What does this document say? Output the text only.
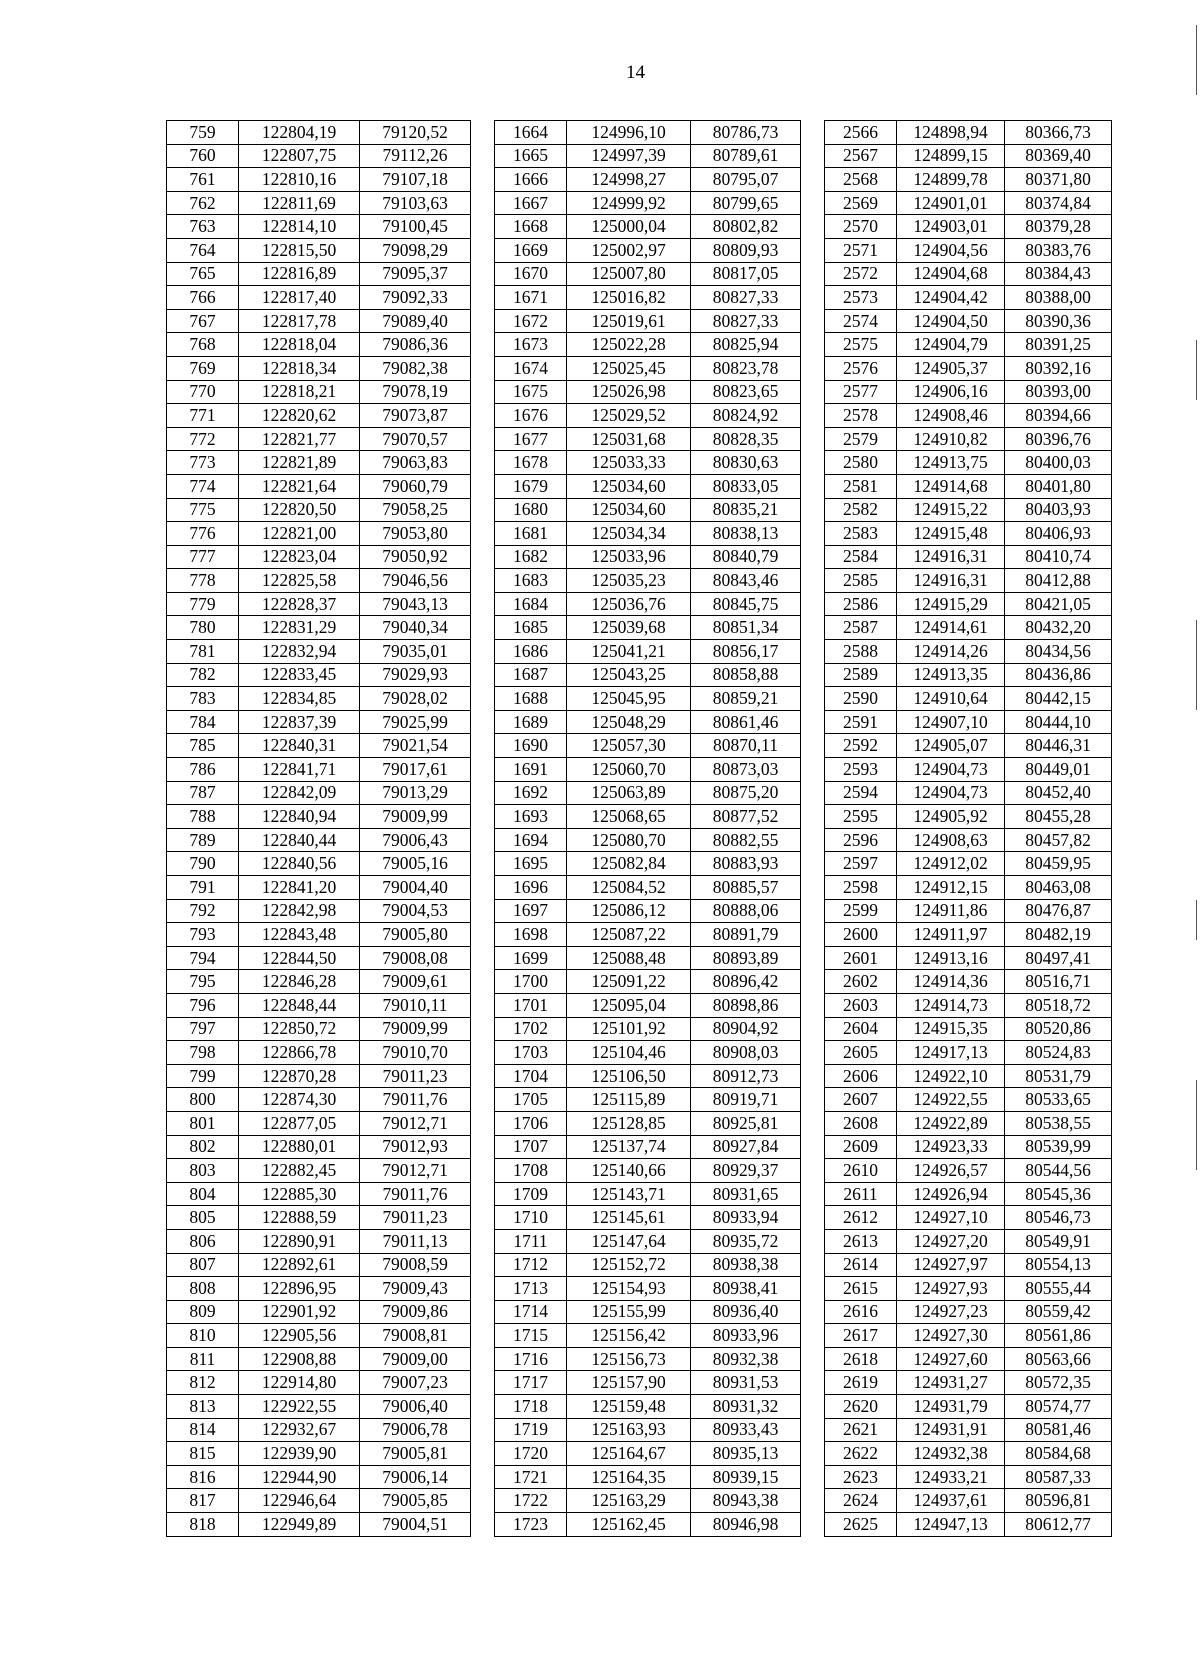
14
759	122804,19	79120,52		1664	124996,10	80786,73		2566	124898,94	80366,73
760	122807,75	79112,26		1665	124997,39	80789,61		2567	124899,15	80369,40
761	122810,16	79107,18		1666	124998,27	80795,07		2568	124899,78	80371,80
762	122811,69	79103,63		1667	124999,92	80799,65		2569	124901,01	80374,84
763	122814,10	79100,45		1668	125000,04	80802,82		2570	124903,01	80379,28
764	122815,50	79098,29		1669	125002,97	80809,93		2571	124904,56	80383,76
765	122816,89	79095,37		1670	125007,80	80817,05		2572	124904,68	80384,43
766	122817,40	79092,33		1671	125016,82	80827,33		2573	124904,42	80388,00
767	122817,78	79089,40		1672	125019,61	80827,33		2574	124904,50	80390,36
768	122818,04	79086,36		1673	125022,28	80825,94		2575	124904,79	80391,25
769	122818,34	79082,38		1674	125025,45	80823,78		2576	124905,37	80392,16
770	122818,21	79078,19		1675	125026,98	80823,65		2577	124906,16	80393,00
771	122820,62	79073,87		1676	125029,52	80824,92		2578	124908,46	80394,66
772	122821,77	79070,57		1677	125031,68	80828,35		2579	124910,82	80396,76
773	122821,89	79063,83		1678	125033,33	80830,63		2580	124913,75	80400,03
774	122821,64	79060,79		1679	125034,60	80833,05		2581	124914,68	80401,80
775	122820,50	79058,25		1680	125034,60	80835,21		2582	124915,22	80403,93
776	122821,00	79053,80		1681	125034,34	80838,13		2583	124915,48	80406,93
777	122823,04	79050,92		1682	125033,96	80840,79		2584	124916,31	80410,74
778	122825,58	79046,56		1683	125035,23	80843,46		2585	124916,31	80412,88
779	122828,37	79043,13		1684	125036,76	80845,75		2586	124915,29	80421,05
780	122831,29	79040,34		1685	125039,68	80851,34		2587	124914,61	80432,20
781	122832,94	79035,01		1686	125041,21	80856,17		2588	124914,26	80434,56
782	122833,45	79029,93		1687	125043,25	80858,88		2589	124913,35	80436,86
783	122834,85	79028,02		1688	125045,95	80859,21		2590	124910,64	80442,15
784	122837,39	79025,99		1689	125048,29	80861,46		2591	124907,10	80444,10
785	122840,31	79021,54		1690	125057,30	80870,11		2592	124905,07	80446,31
786	122841,71	79017,61		1691	125060,70	80873,03		2593	124904,73	80449,01
787	122842,09	79013,29		1692	125063,89	80875,20		2594	124904,73	80452,40
788	122840,94	79009,99		1693	125068,65	80877,52		2595	124905,92	80455,28
789	122840,44	79006,43		1694	125080,70	80882,55		2596	124908,63	80457,82
790	122840,56	79005,16		1695	125082,84	80883,93		2597	124912,02	80459,95
791	122841,20	79004,40		1696	125084,52	80885,57		2598	124912,15	80463,08
792	122842,98	79004,53		1697	125086,12	80888,06		2599	124911,86	80476,87
793	122843,48	79005,80		1698	125087,22	80891,79		2600	124911,97	80482,19
794	122844,50	79008,08		1699	125088,48	80893,89		2601	124913,16	80497,41
795	122846,28	79009,61		1700	125091,22	80896,42		2602	124914,36	80516,71
796	122848,44	79010,11		1701	125095,04	80898,86		2603	124914,73	80518,72
797	122850,72	79009,99		1702	125101,92	80904,92		2604	124915,35	80520,86
798	122866,78	79010,70		1703	125104,46	80908,03		2605	124917,13	80524,83
799	122870,28	79011,23		1704	125106,50	80912,73		2606	124922,10	80531,79
800	122874,30	79011,76		1705	125115,89	80919,71		2607	124922,55	80533,65
801	122877,05	79012,71		1706	125128,85	80925,81		2608	124922,89	80538,55
802	122880,01	79012,93		1707	125137,74	80927,84		2609	124923,33	80539,99
803	122882,45	79012,71		1708	125140,66	80929,37		2610	124926,57	80544,56
804	122885,30	79011,76		1709	125143,71	80931,65		2611	124926,94	80545,36
805	122888,59	79011,23		1710	125145,61	80933,94		2612	124927,10	80546,73
806	122890,91	79011,13		1711	125147,64	80935,72		2613	124927,20	80549,91
807	122892,61	79008,59		1712	125152,72	80938,38		2614	124927,97	80554,13
808	122896,95	79009,43		1713	125154,93	80938,41		2615	124927,93	80555,44
809	122901,92	79009,86		1714	125155,99	80936,40		2616	124927,23	80559,42
810	122905,56	79008,81		1715	125156,42	80933,96		2617	124927,30	80561,86
811	122908,88	79009,00		1716	125156,73	80932,38		2618	124927,60	80563,66
812	122914,80	79007,23		1717	125157,90	80931,53		2619	124931,27	80572,35
813	122922,55	79006,40		1718	125159,48	80931,32		2620	124931,79	80574,77
814	122932,67	79006,78		1719	125163,93	80933,43		2621	124931,91	80581,46
815	122939,90	79005,81		1720	125164,67	80935,13		2622	124932,38	80584,68
816	122944,90	79006,14		1721	125164,35	80939,15		2623	124933,21	80587,33
817	122946,64	79005,85		1722	125163,29	80943,38		2624	124937,61	80596,81
818	122949,89	79004,51		1723	125162,45	80946,98		2625	124947,13	80612,77
